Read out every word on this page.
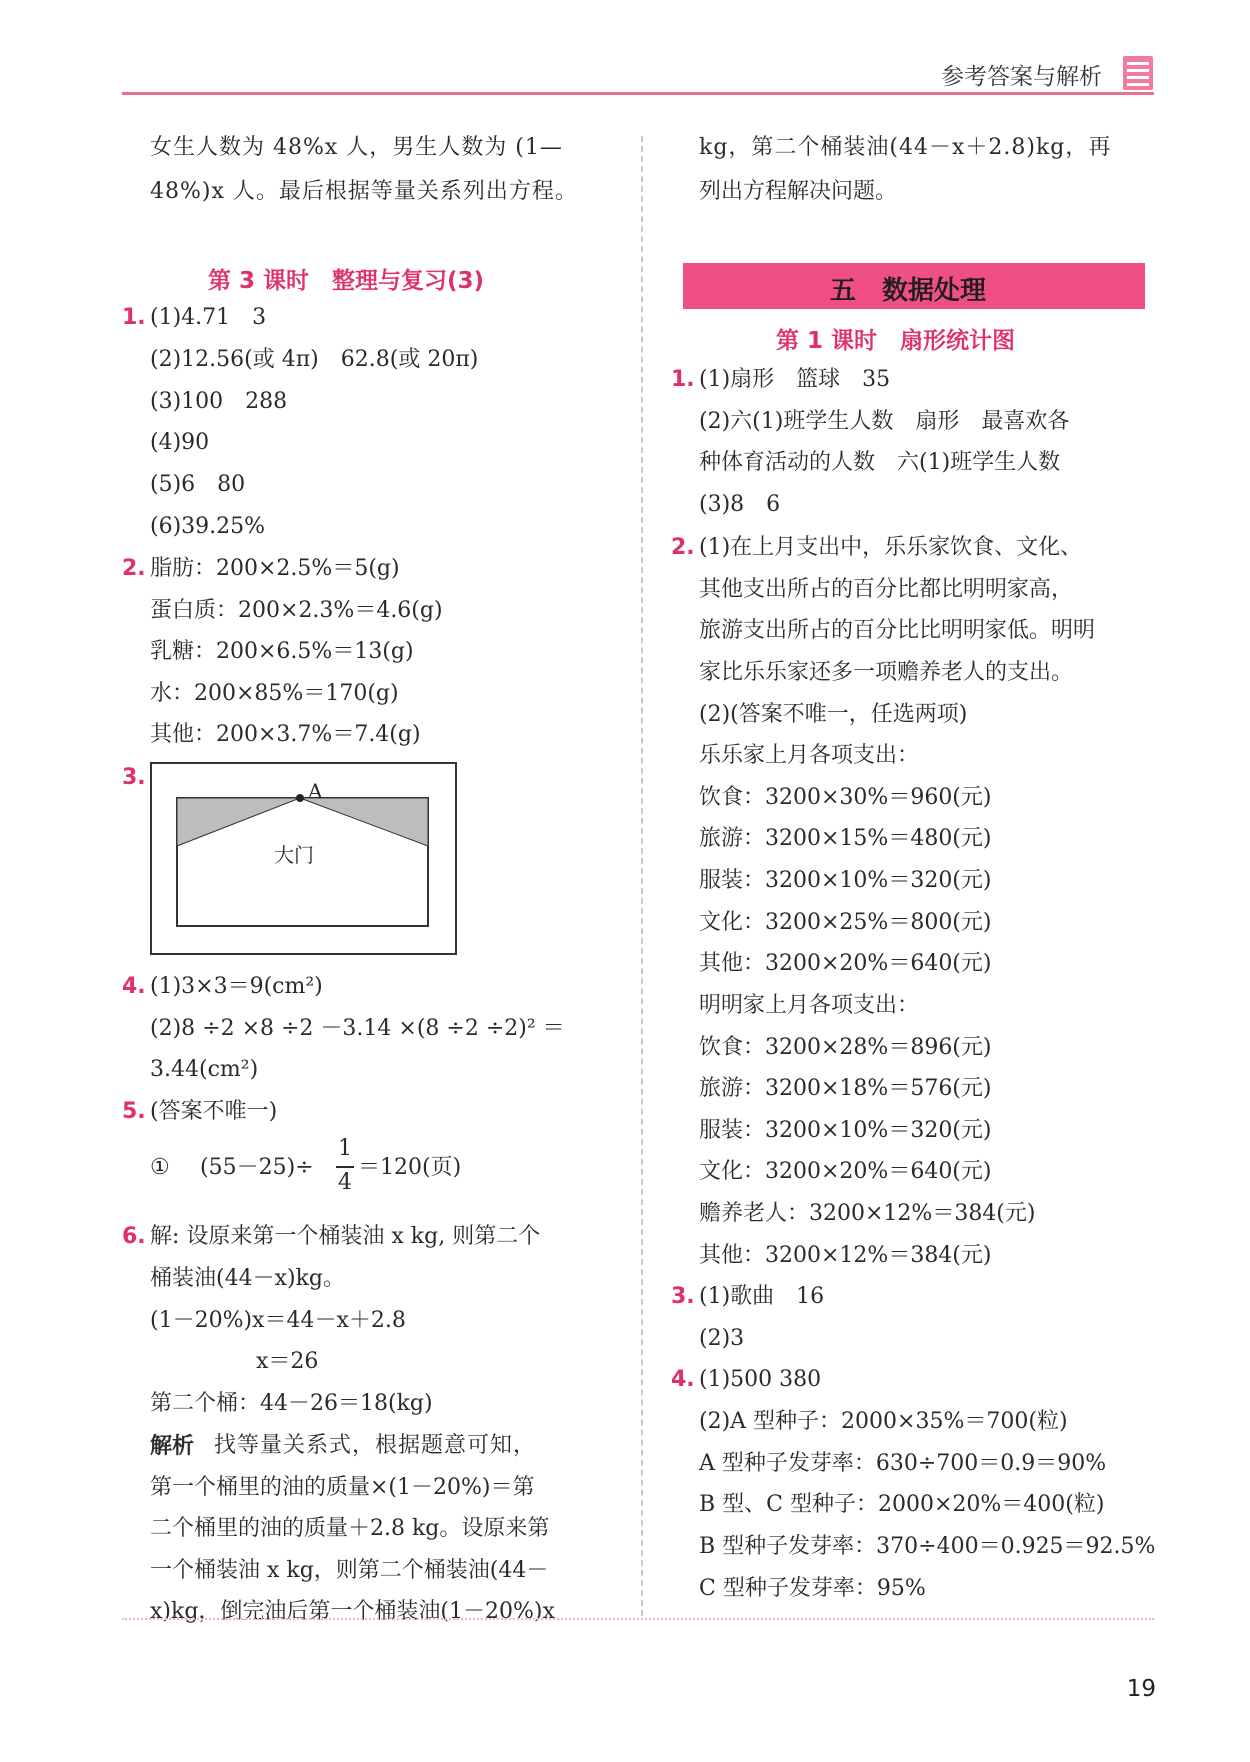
参考答案与解析
女生人数为 48%x 人，男生人数为 (1—
48%)x 人。最后根据等量关系列出方程。
第 3 课时　整理与复习(3)
1. (1)4.71　3
(2)12.56(或 4π)　62.8(或 20π)
(3)100　288
(4)90
(5)6　80
(6)39.25%
2. 脂肪：200×2.5%＝5(g)
蛋白质：200×2.3%＝4.6(g)
乳糖：200×6.5%＝13(g)
水：200×85%＝170(g)
其他：200×3.7%＝7.4(g)
3.
A
大门
4. (1)3×3＝9(cm²)
(2)8 ÷2 ×8 ÷2 －3.14 ×(8 ÷2 ÷2)² ＝
3.44(cm²)
5. (答案不唯一)
① (55－25)÷
1
4
＝120(页)
6. 解: 设原来第一个桶装油 x kg, 则第二个
桶装油(44－x)kg。
(1－20%)x＝44－x＋2.8
x＝26
第二个桶：44－26＝18(kg)
解析 找等量关系式，根据题意可知，
第一个桶里的油的质量×(1－20%)＝第
二个桶里的油的质量＋2.8 kg。设原来第
一个桶装油 x kg，则第二个桶装油(44－
x)kg，倒完油后第一个桶装油(1－20%)x
kg，第二个桶装油(44－x＋2.8)kg，再
列出方程解决问题。
五　数据处理
第 1 课时　扇形统计图
1. (1)扇形　篮球　35
(2)六(1)班学生人数　扇形　最喜欢各
种体育活动的人数　六(1)班学生人数
(3)8　6
2. (1)在上月支出中，乐乐家饮食、文化、
其他支出所占的百分比都比明明家高，
旅游支出所占的百分比比明明家低。明明
家比乐乐家还多一项赡养老人的支出。
(2)(答案不唯一，任选两项)
乐乐家上月各项支出：
饮食：3200×30%＝960(元)
旅游：3200×15%＝480(元)
服装：3200×10%＝320(元)
文化：3200×25%＝800(元)
其他：3200×20%＝640(元)
明明家上月各项支出：
饮食：3200×28%＝896(元)
旅游：3200×18%＝576(元)
服装：3200×10%＝320(元)
文化：3200×20%＝640(元)
赡养老人：3200×12%＝384(元)
其他：3200×12%＝384(元)
3. (1)歌曲　16
(2)3
4. (1)500 380
(2)A 型种子：2000×35%＝700(粒)
A 型种子发芽率：630÷700＝0.9＝90%
B 型、C 型种子：2000×20%＝400(粒)
B 型种子发芽率：370÷400＝0.925＝92.5%
C 型种子发芽率：95%
19
